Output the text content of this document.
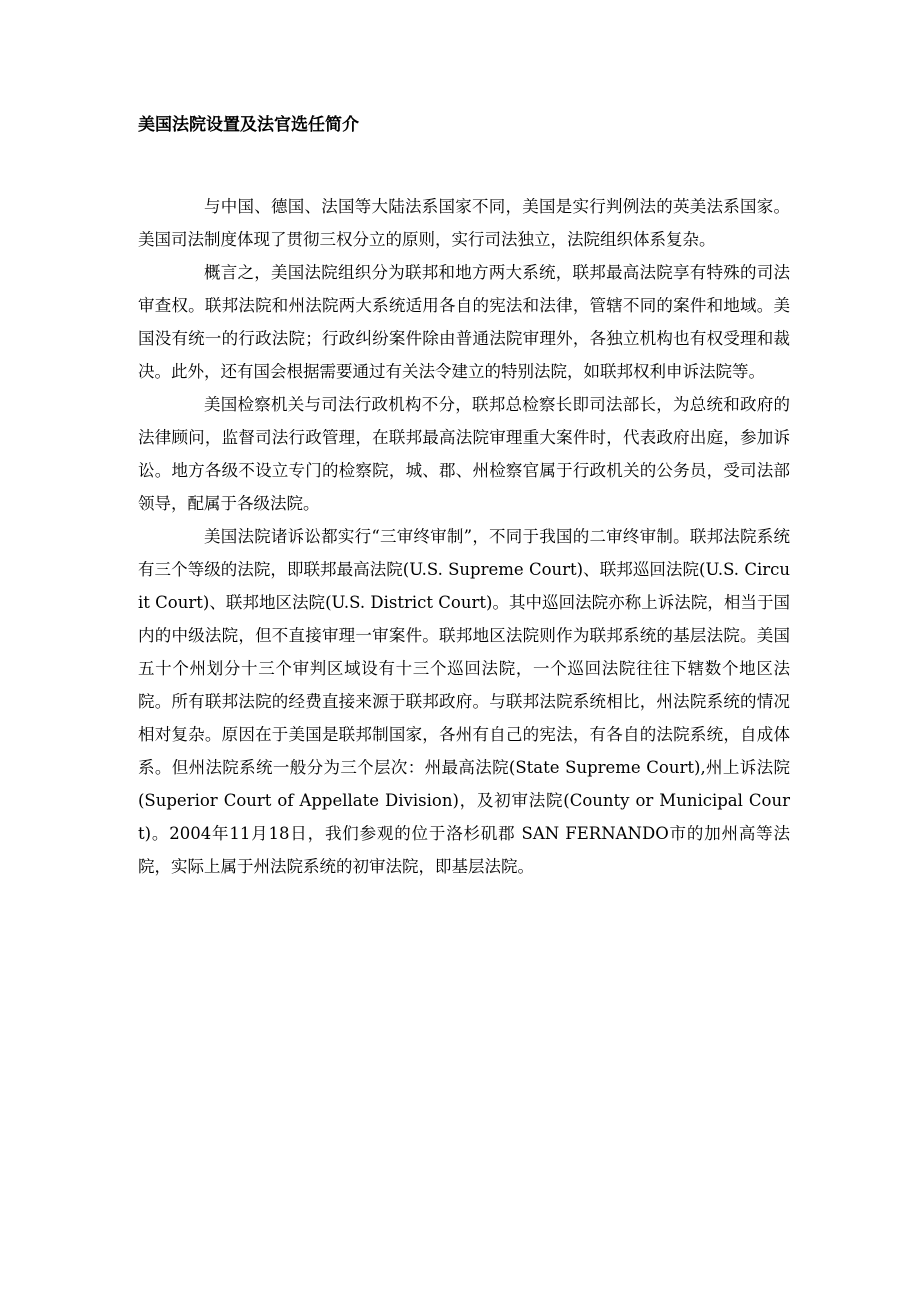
美国法院设置及法官选任简介

与中国、德国、法国等大陆法系国家不同，美国是实行判例法的英美法系国家。美国司法制度体现了贯彻三权分立的原则，实行司法独立，法院组织体系复杂。

概言之，美国法院组织分为联邦和地方两大系统，联邦最高法院享有特殊的司法审查权。联邦法院和州法院两大系统适用各自的宪法和法律，管辖不同的案件和地域。美国没有统一的行政法院；行政纠纷案件除由普通法院审理外，各独立机构也有权受理和裁决。此外，还有国会根据需要通过有关法令建立的特别法院，如联邦权利申诉法院等。

美国检察机关与司法行政机构不分，联邦总检察长即司法部长，为总统和政府的法律顾问，监督司法行政管理，在联邦最高法院审理重大案件时，代表政府出庭，参加诉讼。地方各级不设立专门的检察院，城、郡、州检察官属于行政机关的公务员，受司法部领导，配属于各级法院。

美国法院诸诉讼都实行“三审终审制”，不同于我国的二审终审制。联邦法院系统有三个等级的法院，即联邦最高法院(U.S. Supreme Court)、联邦巡回法院(U.S. Circuit Court)、联邦地区法院(U.S. District Court)。其中巡回法院亦称上诉法院，相当于国内的中级法院，但不直接审理一审案件。联邦地区法院则作为联邦系统的基层法院。美国五十个州划分十三个审判区域设有十三个巡回法院，一个巡回法院往往下辖数个地区法院。所有联邦法院的经费直接来源于联邦政府。与联邦法院系统相比，州法院系统的情况相对复杂。原因在于美国是联邦制国家，各州有自己的宪法，有各自的法院系统，自成体系。但州法院系统一般分为三个层次：州最高法院(State Supreme Court),州上诉法院(Superior Court of Appellate Division)，及初审法院(County or Municipal Court)。2004年11月18日，我们参观的位于洛杉矶郡 SAN FERNANDO市的加州高等法院，实际上属于州法院系统的初审法院，即基层法院。
